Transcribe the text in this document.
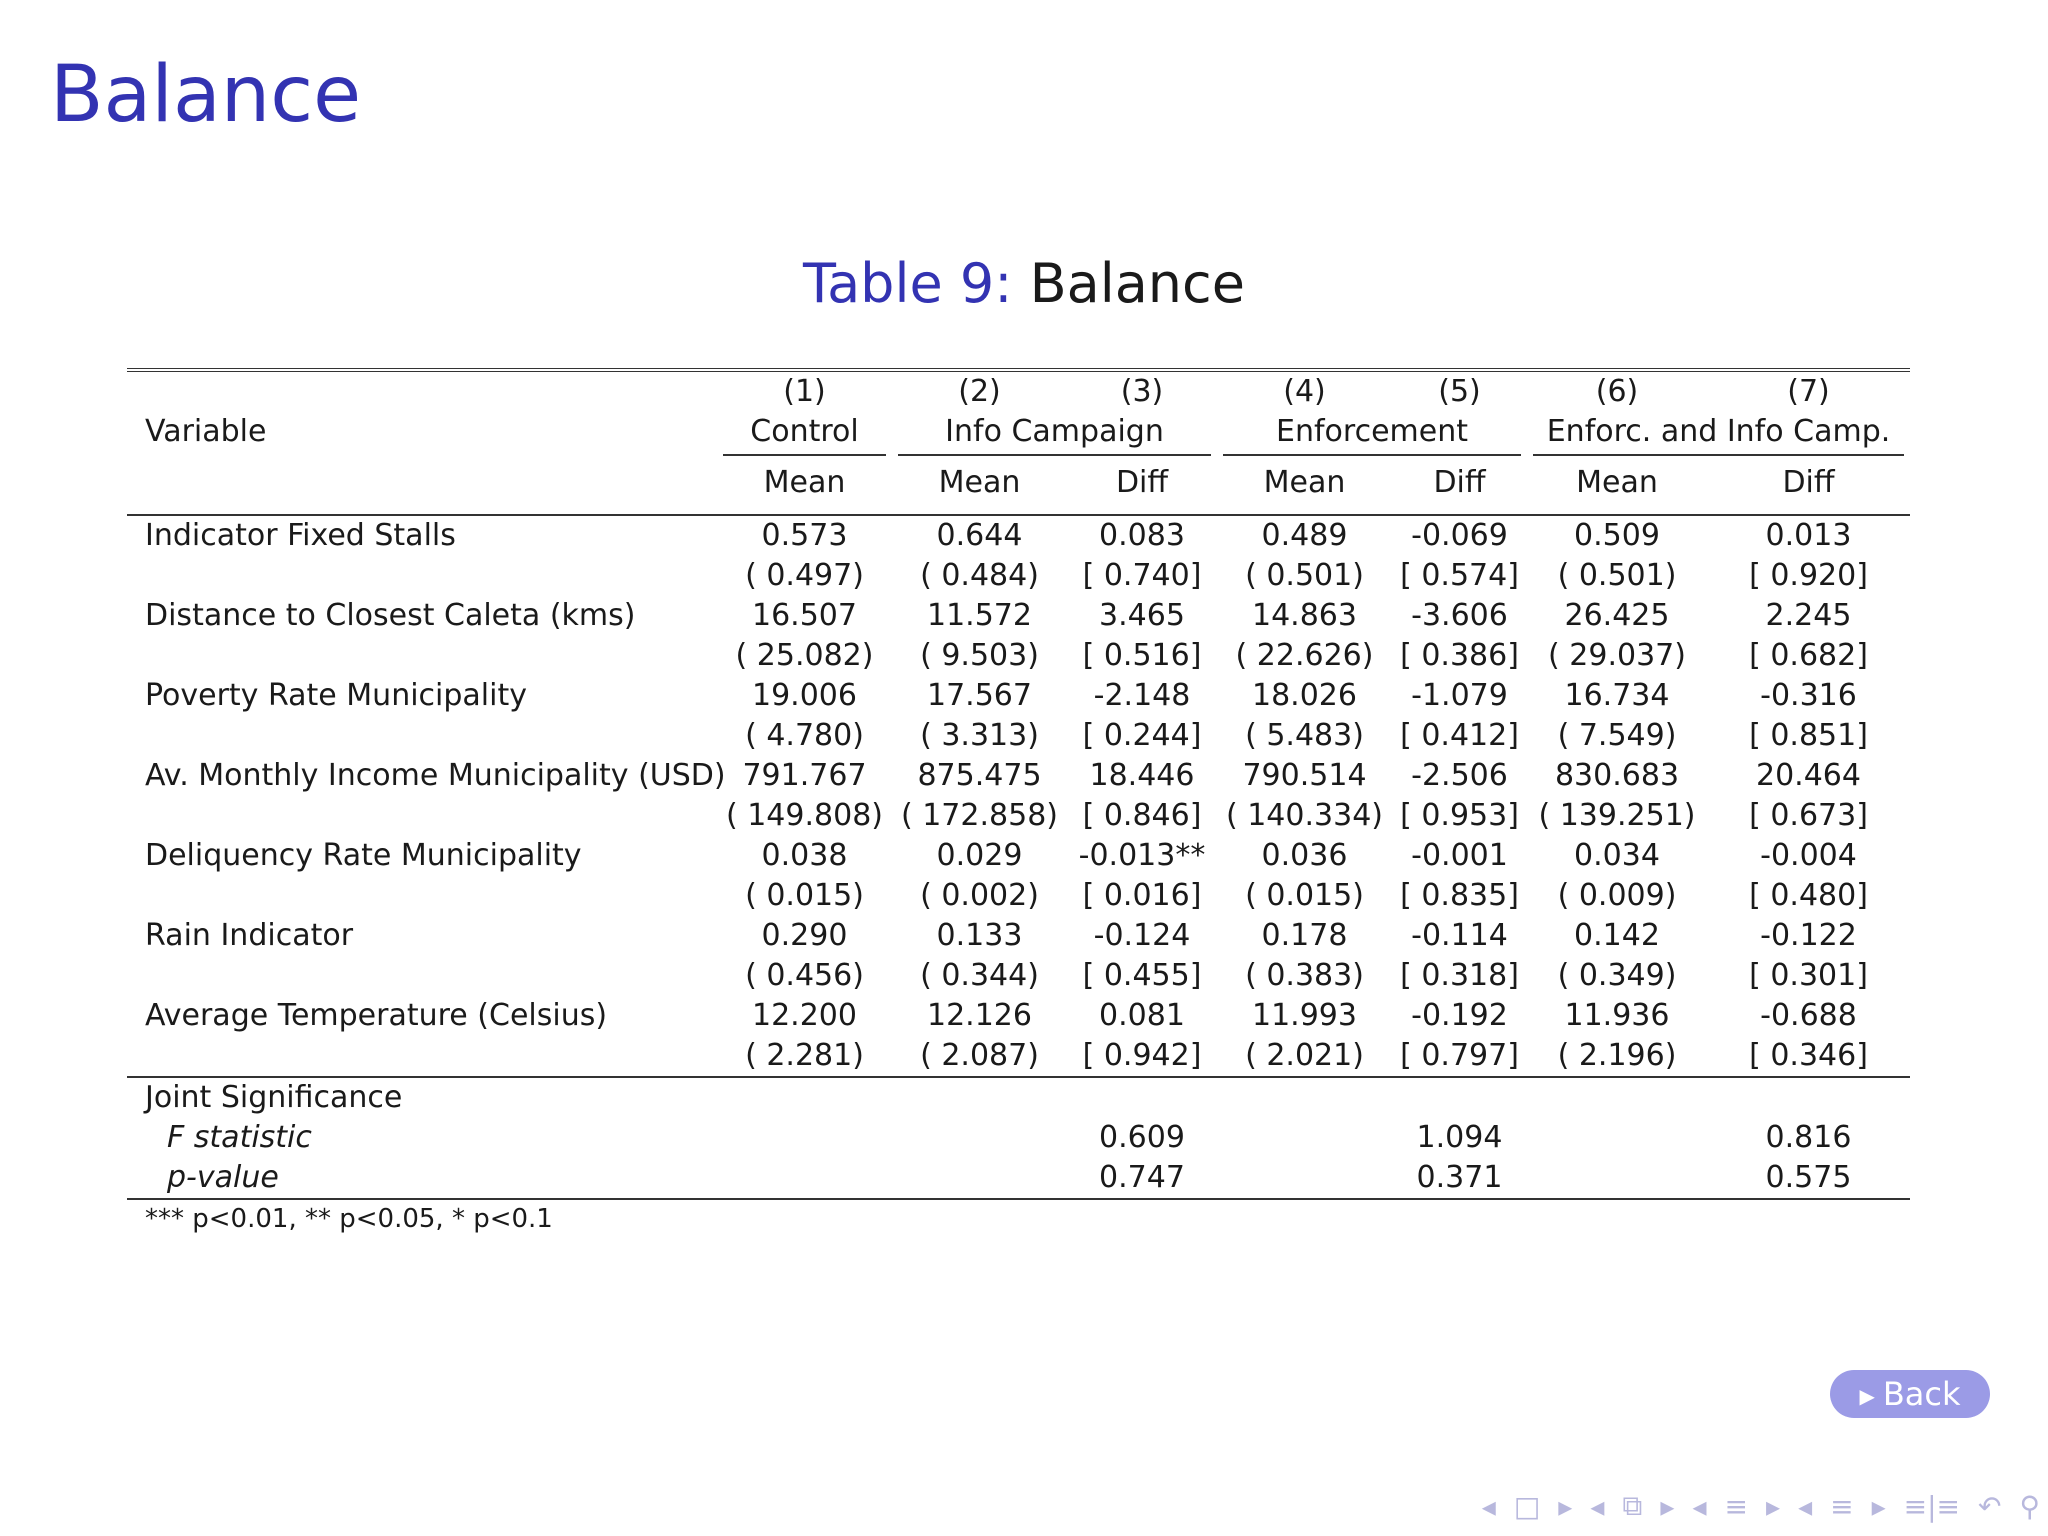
Balance
Table 9: Balance
	(1)	(2)	(3)	(4)	(5)	(6)	(7)
Variable	Control	Info Campaign		Enforcement		Enforc. and Info Camp.	
	Mean	Mean	Diff	Mean	Diff	Mean	Diff
Indicator Fixed Stalls	0.573	0.644	0.083	0.489	-0.069	0.509	0.013
	( 0.497)	( 0.484)	[ 0.740]	( 0.501)	[ 0.574]	( 0.501)	[ 0.920]
Distance to Closest Caleta (kms)	16.507	11.572	3.465	14.863	-3.606	26.425	2.245
	( 25.082)	( 9.503)	[ 0.516]	( 22.626)	[ 0.386]	( 29.037)	[ 0.682]
Poverty Rate Municipality	19.006	17.567	-2.148	18.026	-1.079	16.734	-0.316
	( 4.780)	( 3.313)	[ 0.244]	( 5.483)	[ 0.412]	( 7.549)	[ 0.851]
Av. Monthly Income Municipality (USD)	791.767	875.475	18.446	790.514	-2.506	830.683	20.464
	( 149.808)	( 172.858)	[ 0.846]	( 140.334)	[ 0.953]	( 139.251)	[ 0.673]
Deliquency Rate Municipality	0.038	0.029	-0.013**	0.036	-0.001	0.034	-0.004
	( 0.015)	( 0.002)	[ 0.016]	( 0.015)	[ 0.835]	( 0.009)	[ 0.480]
Rain Indicator	0.290	0.133	-0.124	0.178	-0.114	0.142	-0.122
	( 0.456)	( 0.344)	[ 0.455]	( 0.383)	[ 0.318]	( 0.349)	[ 0.301]
Average Temperature (Celsius)	12.200	12.126	0.081	11.993	-0.192	11.936	-0.688
	( 2.281)	( 2.087)	[ 0.942]	( 2.021)	[ 0.797]	( 2.196)	[ 0.346]
Joint Significance							
F statistic			0.609		1.094		0.816
p-value			0.747		0.371		0.575
*** p<0.01, ** p<0.05, * p<0.1							
▶ Back
◂ □ ▸ ◂ ⧉ ▸ ◂ ≡ ▸ ◂ ≡ ▸ ≡|≡ ↶ ⚲
